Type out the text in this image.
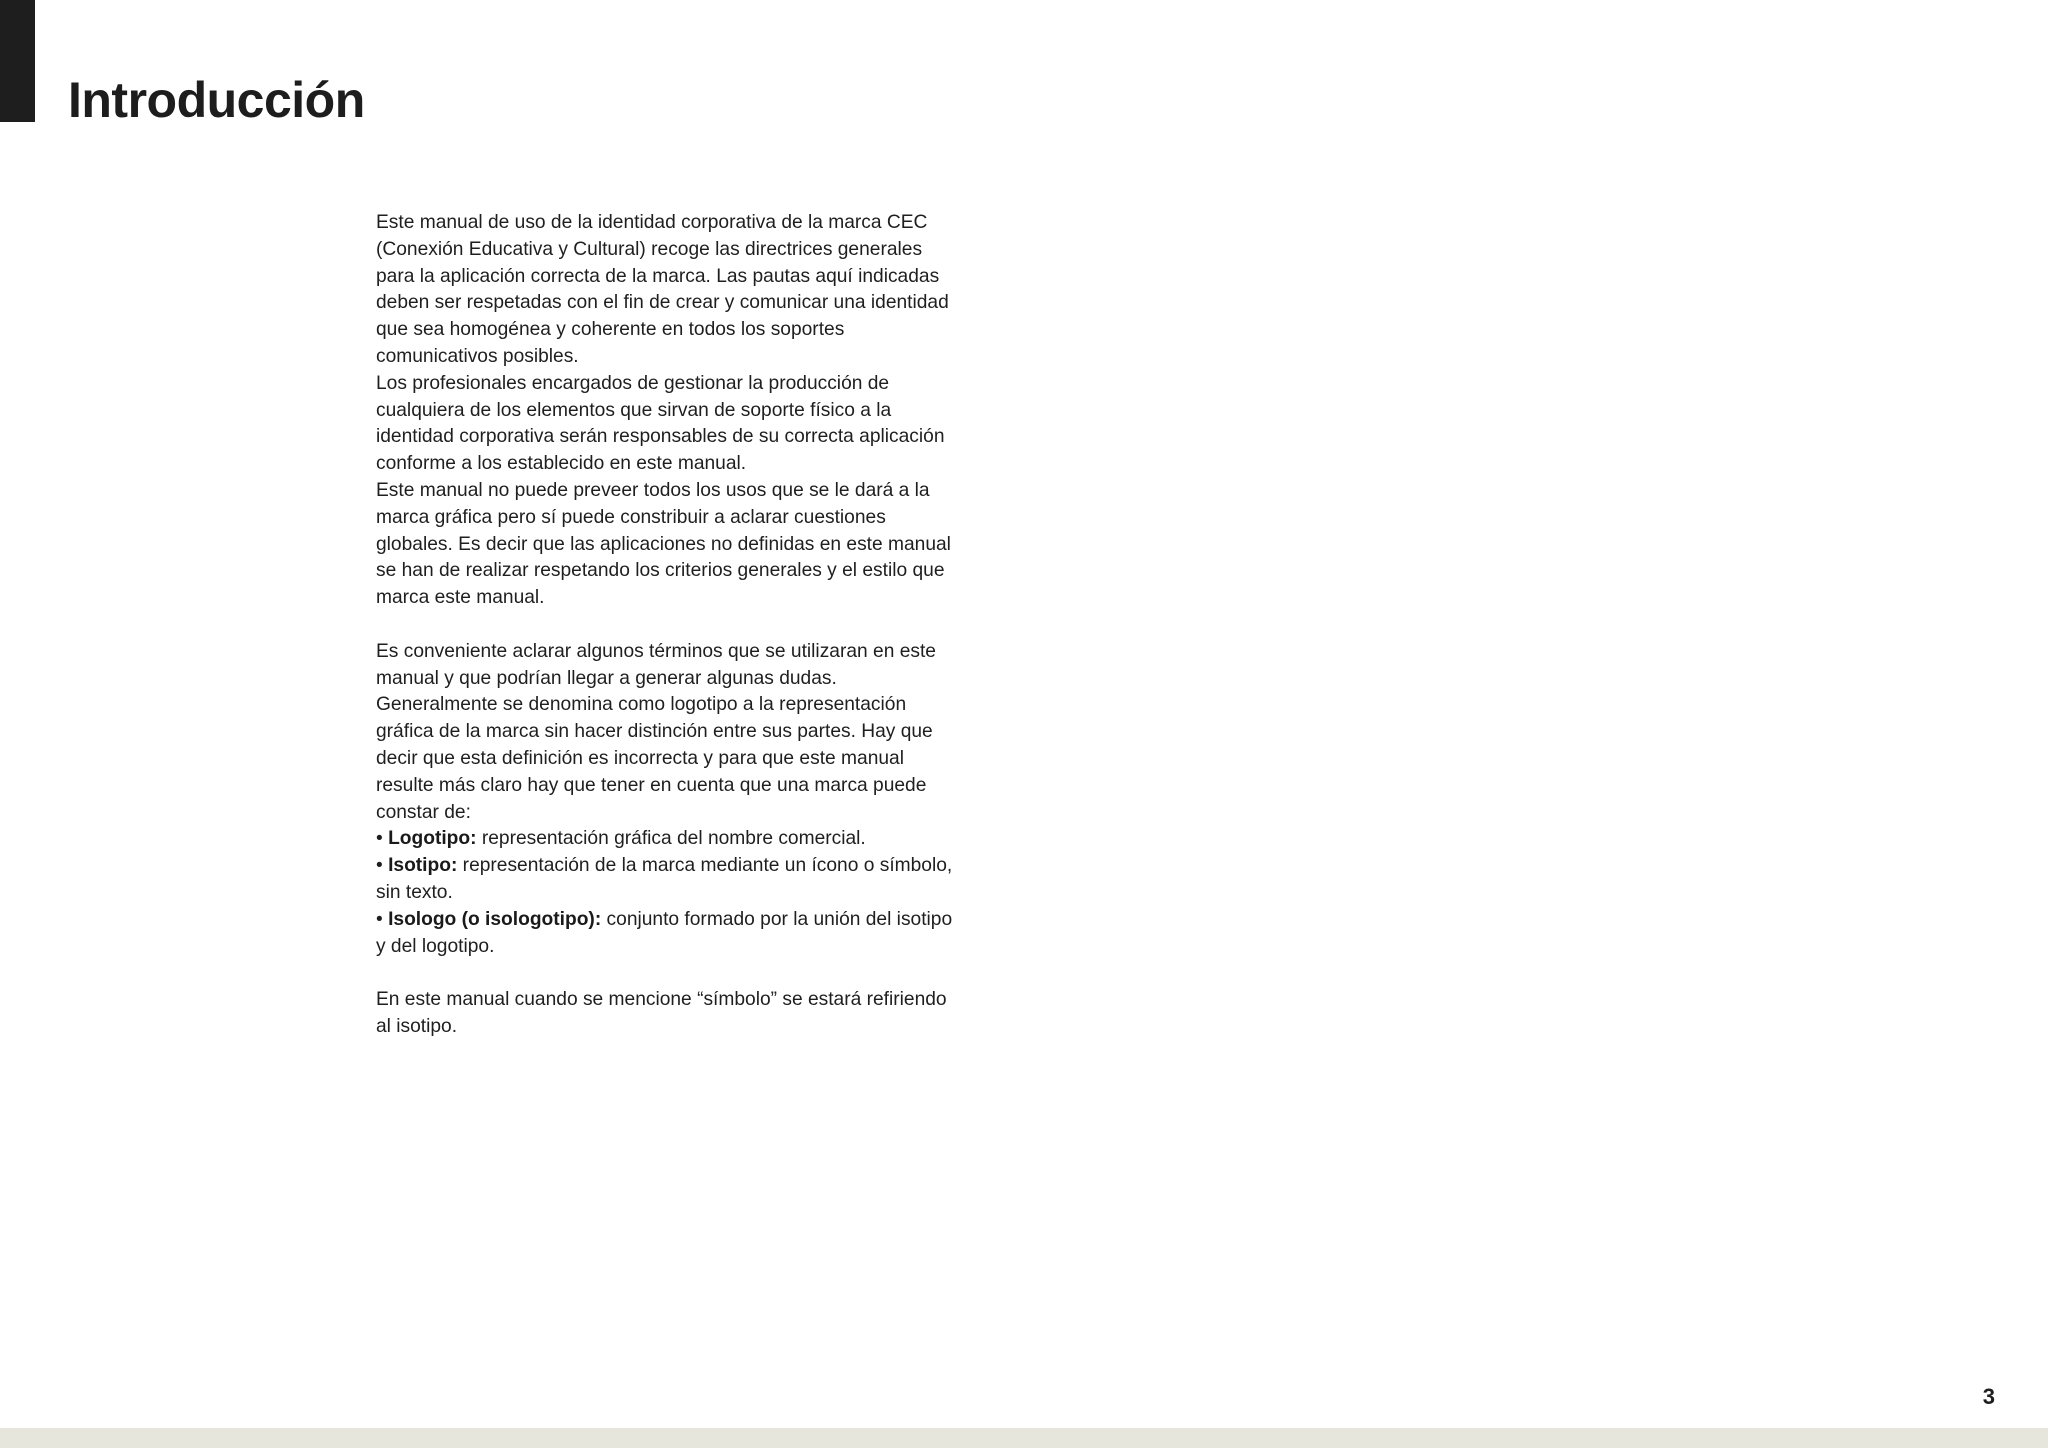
Introducción

Este manual de uso de la identidad corporativa de la marca CEC (Conexión Educativa y Cultural) recoge las directrices generales para la aplicación correcta de la marca. Las pautas aquí indicadas deben ser respetadas con el fin de crear y comunicar una identidad que sea homogénea y coherente en todos los soportes comunicativos posibles.

Los profesionales encargados de gestionar la producción de cualquiera de los elementos que sirvan de soporte físico a la identidad corporativa serán responsables de su correcta aplicación conforme a los establecido en este manual.

Este manual no puede preveer todos los usos que se le dará a la marca gráfica pero sí puede constribuir a aclarar cuestiones globales. Es decir que las aplicaciones no definidas en este manual se han de realizar respetando los criterios generales y el estilo que marca este manual.

Es conveniente aclarar algunos términos que se utilizaran en este manual y que podrían llegar a generar algunas dudas. Generalmente se denomina como logotipo a la representación gráfica de la marca sin hacer distinción entre sus partes. Hay que decir que esta definición es incorrecta y para que este manual resulte más claro hay que tener en cuenta que una marca puede constar de:

• Logotipo: representación gráfica del nombre comercial.

• Isotipo: representación de la marca mediante un ícono o símbolo, sin texto.

• Isologo (o isologotipo): conjunto formado por la unión del isotipo y del logotipo.

En este manual cuando se mencione “símbolo” se estará refiriendo al isotipo.

3
